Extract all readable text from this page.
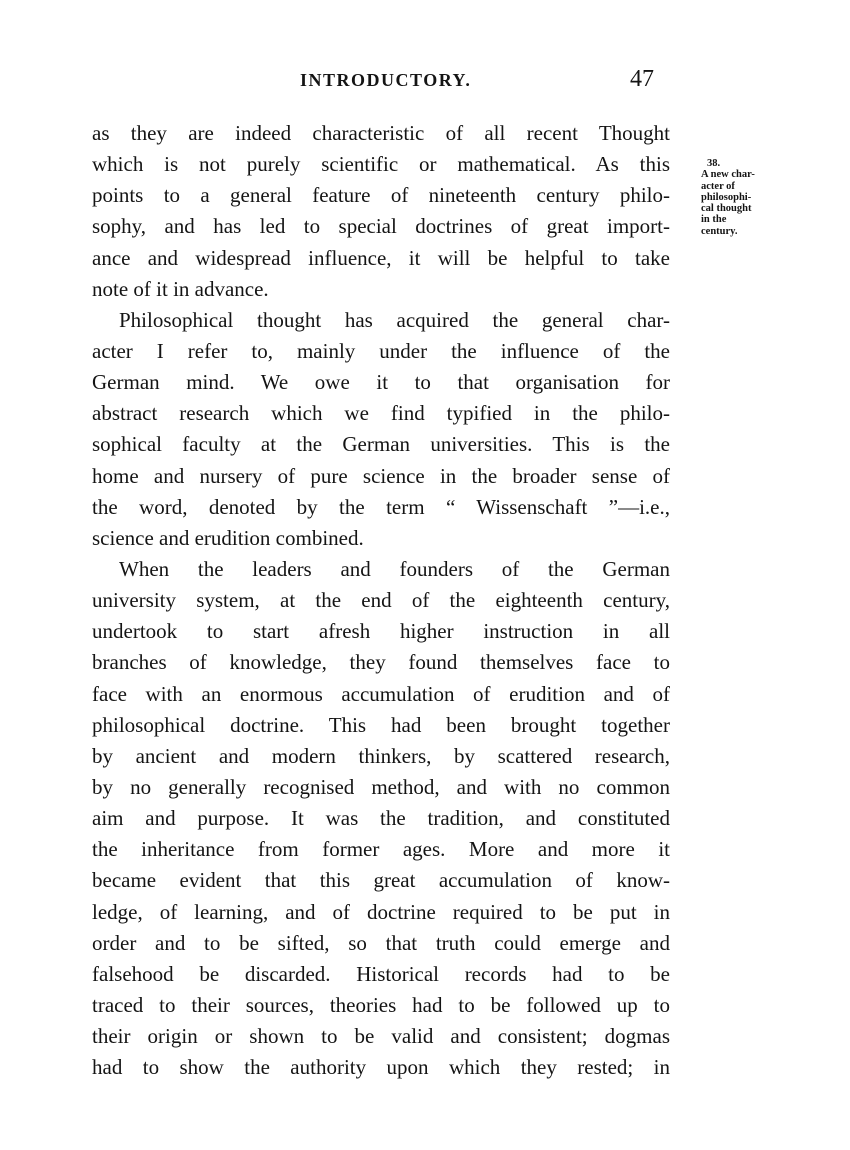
INTRODUCTORY.	47
as they are indeed characteristic of all recent Thought
which is not purely scientific or mathematical. As this
points to a general feature of nineteenth century philo-
sophy, and has led to special doctrines of great import-
ance and widespread influence, it will be helpful to take
note of it in advance.
Philosophical thought has acquired the general char-
acter I refer to, mainly under the influence of the
German mind. We owe it to that organisation for
abstract research which we find typified in the philo-
sophical faculty at the German universities. This is the
home and nursery of pure science in the broader sense of
the word, denoted by the term “ Wissenschaft ”—i.e.,
science and erudition combined.
When the leaders and founders of the German
university system, at the end of the eighteenth century,
undertook to start afresh higher instruction in all
branches of knowledge, they found themselves face to
face with an enormous accumulation of erudition and of
philosophical doctrine. This had been brought together
by ancient and modern thinkers, by scattered research,
by no generally recognised method, and with no common
aim and purpose. It was the tradition, and constituted
the inheritance from former ages. More and more it
became evident that this great accumulation of know-
ledge, of learning, and of doctrine required to be put in
order and to be sifted, so that truth could emerge and
falsehood be discarded. Historical records had to be
traced to their sources, theories had to be followed up to
their origin or shown to be valid and consistent; dogmas
had to show the authority upon which they rested; in
38.
A new char-
acter of
philosophi-
cal thought
in the
century.
